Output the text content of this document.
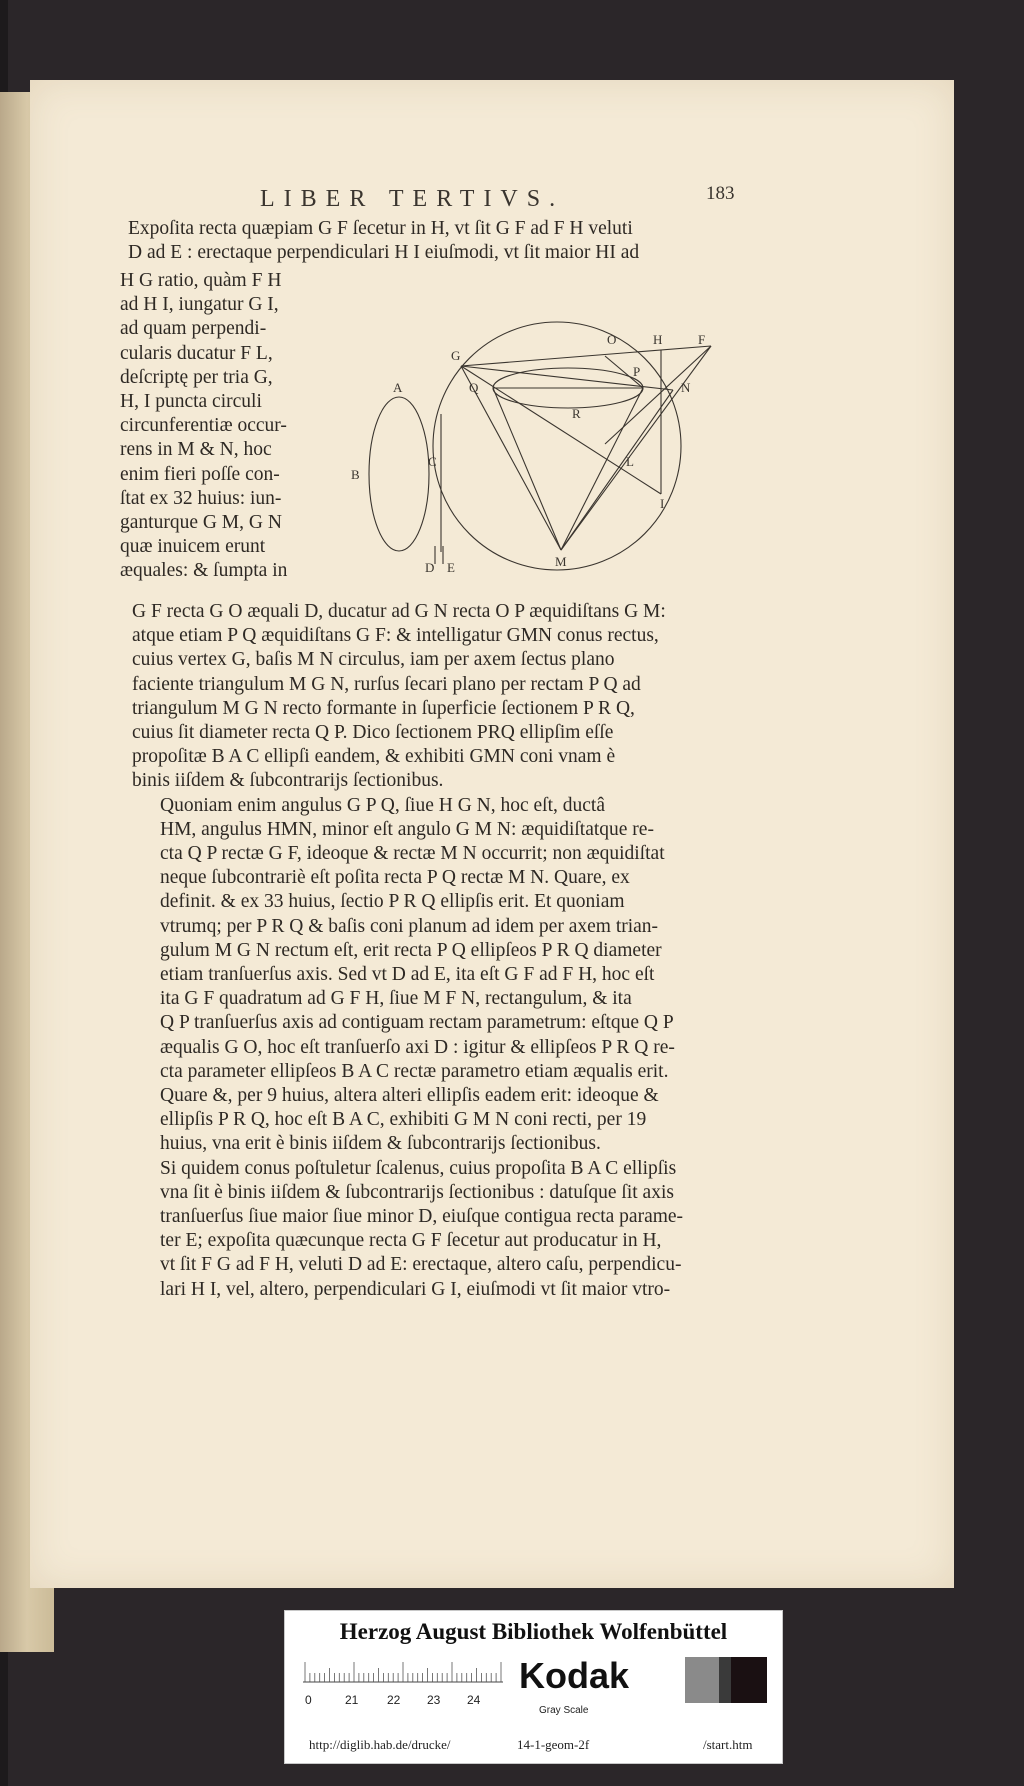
LIBER TERTIVS.	183
Expoſita recta quæpiam G F ſecetur in H, vt ſit G F ad F H veluti
D ad E : erectaque perpendiculari H I eiuſmodi, vt ſit maior HI ad
H G ratio, quàm F H
ad H I, iungatur G I,
ad quam perpendi-
cularis ducatur F L,
deſcriptę per tria G,
H, I puncta circuli
circunferentiæ occur-
rens in M & N, hoc
enim fieri poſſe con-
ſtat ex 32 huius: iun-
ganturque G M, G N
quæ inuicem erunt
æquales: & ſumpta in
A
B
C
D E
G
O	H	F
P
Q	N
R
L
I
M

G F recta G O æquali D, ducatur ad G N recta O P æquidiſtans G M:
atque etiam P Q æquidiſtans G F: & intelligatur GMN conus rectus,
cuius vertex G, baſis M N circulus, iam per axem ſectus plano
faciente triangulum M G N, rurſus ſecari plano per rectam P Q ad
triangulum M G N recto formante in ſuperficie ſectionem P R Q,
cuius ſit diameter recta Q P. Dico ſectionem PRQ ellipſim eſſe
propoſitæ B A C ellipſi eandem, & exhibiti GMN coni vnam è
binis iiſdem & ſubcontrarijs ſectionibus.

Quoniam enim angulus G P Q, ſiue H G N, hoc eſt, ductâ
HM, angulus HMN, minor eſt angulo G M N: æquidiſtatque re-
cta Q P rectæ G F, ideoque & rectæ M N occurrit; non æquidiſtat
neque ſubcontrariè eſt poſita recta P Q rectæ M N. Quare, ex
definit. & ex 33 huius, ſectio P R Q ellipſis erit. Et quoniam
vtrumq; per P R Q & baſis coni planum ad idem per axem trian-
gulum M G N rectum eſt, erit recta P Q ellipſeos P R Q diameter
etiam tranſuerſus axis. Sed vt D ad E, ita eſt G F ad F H, hoc eſt
ita G F quadratum ad G F H, ſiue M F N, rectangulum, & ita
Q P tranſuerſus axis ad contiguam rectam parametrum: eſtque Q P
æqualis G O, hoc eſt tranſuerſo axi D : igitur & ellipſeos P R Q re-
cta parameter ellipſeos B A C rectæ parametro etiam æqualis erit.
Quare &, per 9 huius, altera alteri ellipſis eadem erit: ideoque &
ellipſis P R Q, hoc eſt B A C, exhibiti G M N coni recti, per 19
huius, vna erit è binis iiſdem & ſubcontrarijs ſectionibus.

Si quidem conus poſtuletur ſcalenus, cuius propoſita B A C ellipſis
vna ſit è binis iiſdem & ſubcontrarijs ſectionibus : datuſque ſit axis
tranſuerſus ſiue maior ſiue minor D, eiuſque contigua recta parame-
ter E; expoſita quæcunque recta G F ſecetur aut producatur in H,
vt ſit F G ad F H, veluti D ad E: erectaque, altero caſu, perpendicu-
lari H I, vel, altero, perpendiculari G I, eiuſmodi vt ſit maior vtro-

Herzog August Bibliothek Wolfenbüttel
0	21 22 23 24
Kodak
Gray Scale
http://diglib.hab.de/drucke/	14-1-geom-2f	/start.htm
